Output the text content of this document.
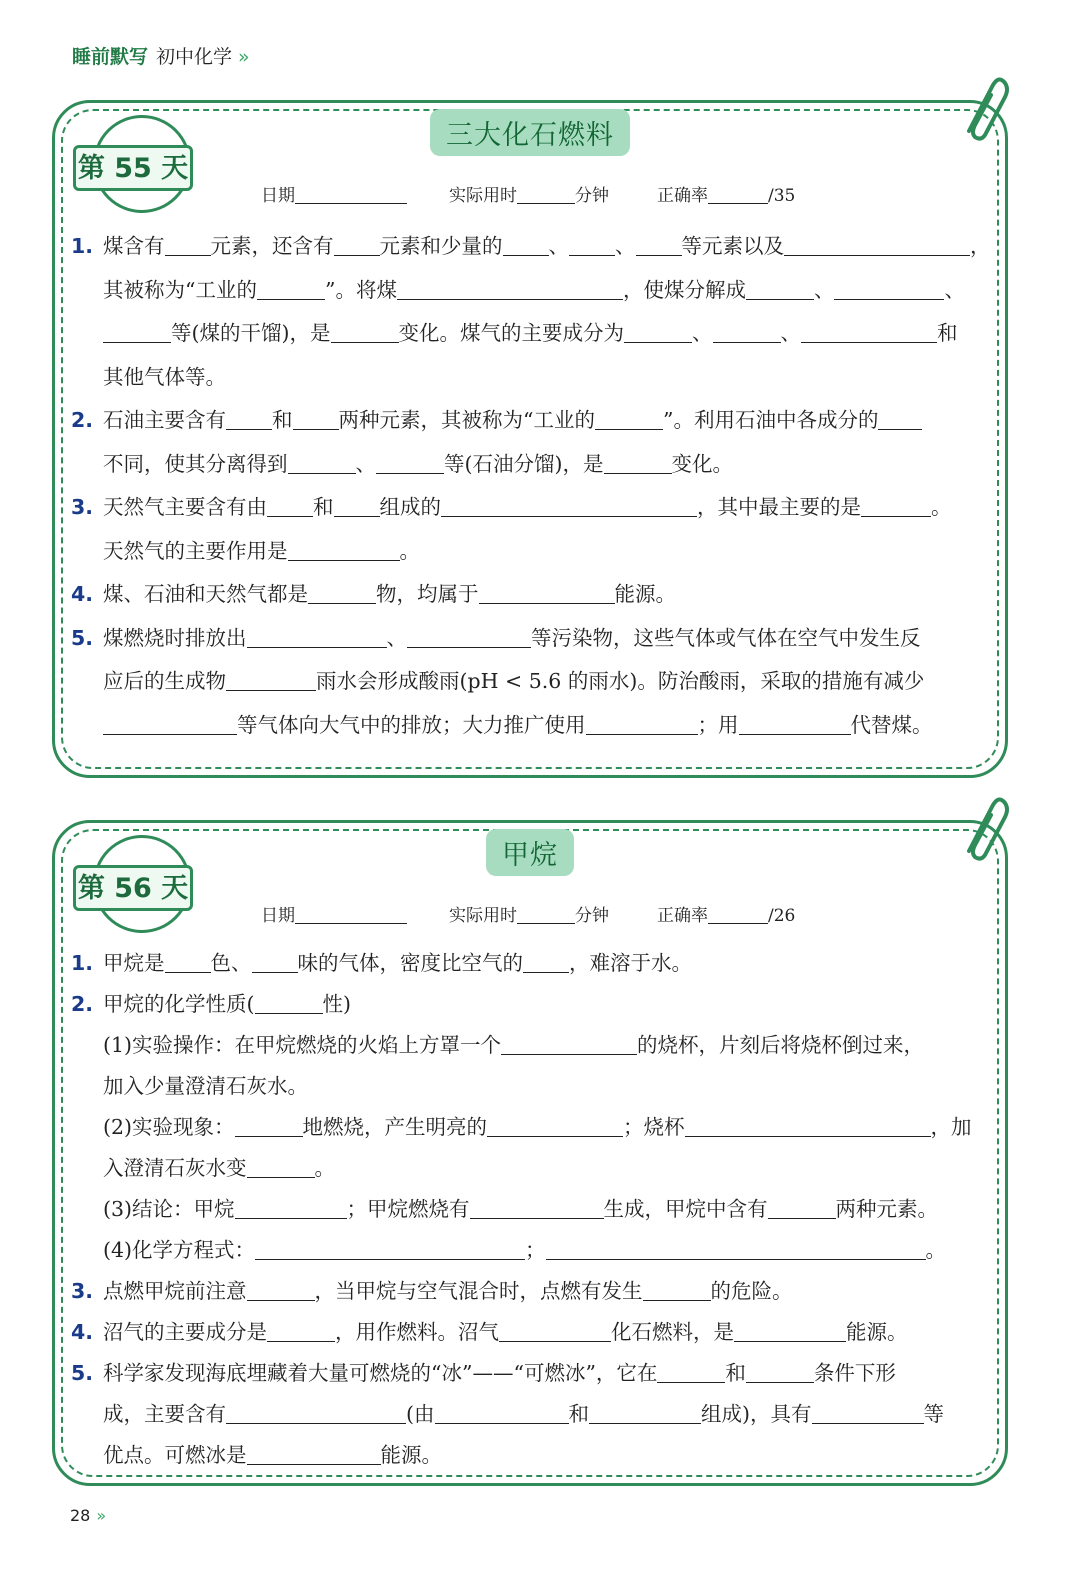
睡前默写 初中化学 »
三大化石燃料
第 55 天
日期	实际用时	分钟	正确率	/35
1. 煤含有 元素，还含有 元素和少量的 、 、 等元素以及	，
其被称为“工业的	”。将煤	，使煤分解成	、	、
等(煤的干馏)，是	变化。煤气的主要成分为	、	、	和
其他气体等。
2. 石油主要含有 和 两种元素，其被称为“工业的	”。利用石油中各成分的
不同，使其分离得到	、	等(石油分馏)，是	变化。
3. 天然气主要含有由 和 组成的	，其中最主要的是	。
天然气的主要作用是	。
4. 煤、石油和天然气都是	物，均属于	能源。
5. 煤燃烧时排放出	、	等污染物，这些气体或气体在空气中发生反
应后的生成物	雨水会形成酸雨(pH < 5.6 的雨水)。防治酸雨，采取的措施有减少
等气体向大气中的排放；大力推广使用	；用	代替煤。
甲烷
第 56 天
日期	实际用时	分钟	正确率	/26
1. 甲烷是 色、 味的气体，密度比空气的 ，难溶于水。
2. 甲烷的化学性质(	性)
(1)实验操作：在甲烷燃烧的火焰上方罩一个	的烧杯，片刻后将烧杯倒过来，
加入少量澄清石灰水。
(2)实验现象：	地燃烧，产生明亮的	；烧杯	，加
入澄清石灰水变	。
(3)结论：甲烷	；甲烷燃烧有	生成，甲烷中含有	两种元素。
(4)化学方程式：	；	。
3. 点燃甲烷前注意	，当甲烷与空气混合时，点燃有发生	的危险。
4. 沼气的主要成分是	，用作燃料。沼气	化石燃料，是	能源。
5. 科学家发现海底埋藏着大量可燃烧的“冰”——“可燃冰”，它在	和	条件下形
成，主要含有	(由	和	组成)，具有	等
优点。可燃冰是	能源。
28 »
